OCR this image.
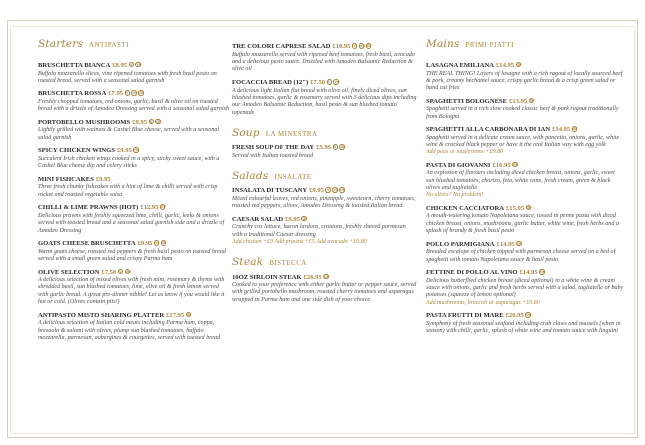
Starters ANTIPASTI
BRUSCHETTA BIANCA £8.95 V VG
Buffalo mozzarella slices, vine ripened tomatoes with fresh basil pesto on toasted bread, served with a seasonal salad garnish
BRUSCHETTA ROSSA £7.95 V VG GF
Freshly chopped tomatoes, red onions, garlic, basil & olive oil on toasted bread with a drizzle of Amodeo Dressing served with a seasonal salad garnish
PORTOBELLO MUSHROOMS £9.95 V GF
Lightly grilled with walnuts & Cashel Blue cheese, served with a seasonal salad garnish
SPICY CHICKEN WINGS £9.95 GF
Succulent Irish chicken wings cooked in a spicy, sticky sweet sauce, with a Cashel Blue cheese dip and celery sticks
MINI FISHCAKES £9.95
Three fresh chunky fishcakes with a hint of lime & chilli served with crisp rocket and roasted vegetable salsa
CHILLI & LIME PRAWNS (HOT) £12.95 GF
Delicious prawns with freshly squeezed lime, chilli, garlic, leeks & onions served with toasted bread and a seasonal salad garnish side and a drizzle of Amodeo Dressing
GOATS CHEESE BRUSCHETTA £9.95 V GF
Warm goats cheese, roasted red peppers & fresh basil pesto on toasted bread served with a small green salad and crispy Parma ham
OLIVE SELECTION £7.50 V VG
A delicious selection of mixed olives with fresh mint, rosemary & thyme with shredded basil, sun blushed tomatoes, lime, olive oil & fresh lemon served with garlic bread. A great pre-dinner nibble! Let us know if you would like it hot or cold. (Olives contain pits!)
ANTIPASTO MISTO SHARING PLATTER £17.95 GF
A delicious selection of Italian cold meats including Parma ham, coppa, bresaola & salami with olives, plump sun blushed tomatoes, buffalo mozzarella, parmesan, aubergines & courgettes, served with toasted bread
TRE COLORI CAPRESE SALAD £10.95 V VG GF
Buffalo mozzarella served with ripened beef tomatoes, fresh basil, avocado and a delicious pesto sauce. Drizzled with Amodeo Balsamic Reduction & olive oil
FOCACCIA BREAD (12") £7.50 V VG
A delicious light Italian flat bread with olive oil, finely diced olives, sun blushed tomatoes, garlic & rosemary served with 3 delicious dips including our Amodeo Balsamic Reduction, basil pesto & sun blushed tomato tapenade
Soup LA MINESTRA
FRESH SOUP OF THE DAY £5.95 V GF
Served with Italian toasted bread
Salads INSALATE
INSALATA DI TUSCANY £9.95 V VG GF
Mixed colourful leaves, red onions, pineapple, sweetcorn, cherry tomatoes, roasted red peppers, olives, Amodeo Dressing & toasted Italian bread
CAESAR SALAD £9.95 GF
Crunchy cos lettuce, bacon lardons, croutons, freshly shaved parmesan with a traditional Caesar dressing
Add chicken +£3 Add prawns +£5 Add avocado +£0.80
Steak BISTECCA
10OZ SIRLOIN STEAK £26.95 GF
Cooked to your preference with either garlic butter or pepper sauce, served with grilled portobello mushroom, roasted cherry tomatoes and asparagus wrapped in Parma ham and one side dish of your choice
Mains PRIMI PIATTI
LASAGNA EMILIANA £14.95 GF
THE REAL THING! Layers of lasagne with a rich ragout of locally sourced beef & pork, creamy béchamel sauce, crispy garlic bread & a crisp green salad or hand cut fries
SPAGHETTI BOLOGNESE £13.95 GF
Spaghetti served in a rich slow cooked classic beef & pork ragout traditionally from Bologna
SPAGHETTI ALLA CARBONARA DI IAN £14.95 GF
Spaghetti served in a delicate cream sauce, with pancetta, onions, garlic, white wine & cracked black pepper or have it the real Italian way with egg yolk
Add peas or mushrooms +£0.80
PASTA DI GIOVANNI £16.95 GF
An explosion of flavours including diced chicken breast, onions, garlic, sweet sun blushed tomatoes, chorizo, feta, white wine, fresh cream, green & black olives and tagliatelle
No olives? No problem!
CHICKEN CACCIATORA £15.95 GF
A mouth-watering tomato Napoletana sauce, tossed in penne pasta with diced chicken breast, onions, mushrooms, garlic butter, white wine, fresh herbs and a splash of brandy & fresh basil pesto
POLLO PARMIGIANA £14.95 GF
Breaded escalope of chicken topped with parmesan cheese served on a bed of spaghetti with tomato Napoletana sauce & basil pesto
FETTINE DI POLLO AL VINO £14.95 GF
Delicious butterflied chicken breast (diced optional) in a white wine & cream sauce with onions, garlic and fresh herbs served with a salad, tagliatelle or baby potatoes (squeeze of lemon optional)
Add mushrooms, broccoli or asparagus +£0.80
PASTA FRUTTI DI MARE £20.95 GF
Symphony of fresh seasonal seafood including crab claws and mussels (when in season) with chilli, garlic, splash of white wine and tomato sauce with linguini
